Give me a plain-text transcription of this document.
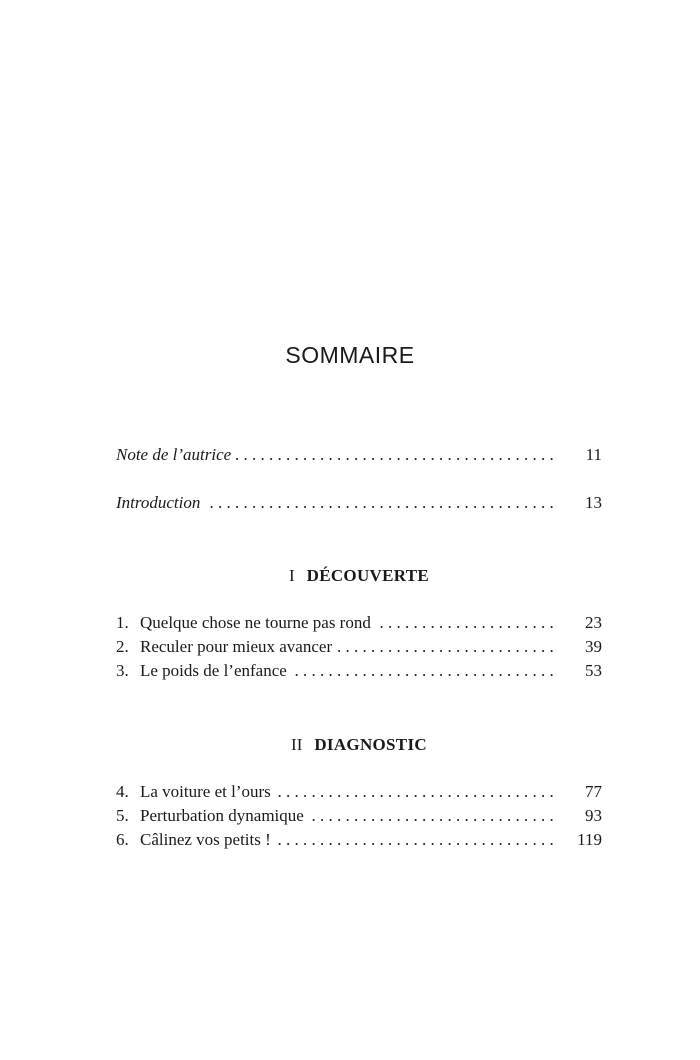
SOMMAIRE
Note de l’autrice . . .	11
Introduction . . .	13
1. Quelque chose ne tourne pas rond . . .	23
2. Reculer pour mieux avancer . . .	39
3. Le poids de l’enfance . . .	53
4. La voiture et l’ours . . .	77
5. Perturbation dynamique . . .	93
6. Câlinez vos petits ! . . .	119
I DÉCOUVERTE
II DIAGNOSTIC
